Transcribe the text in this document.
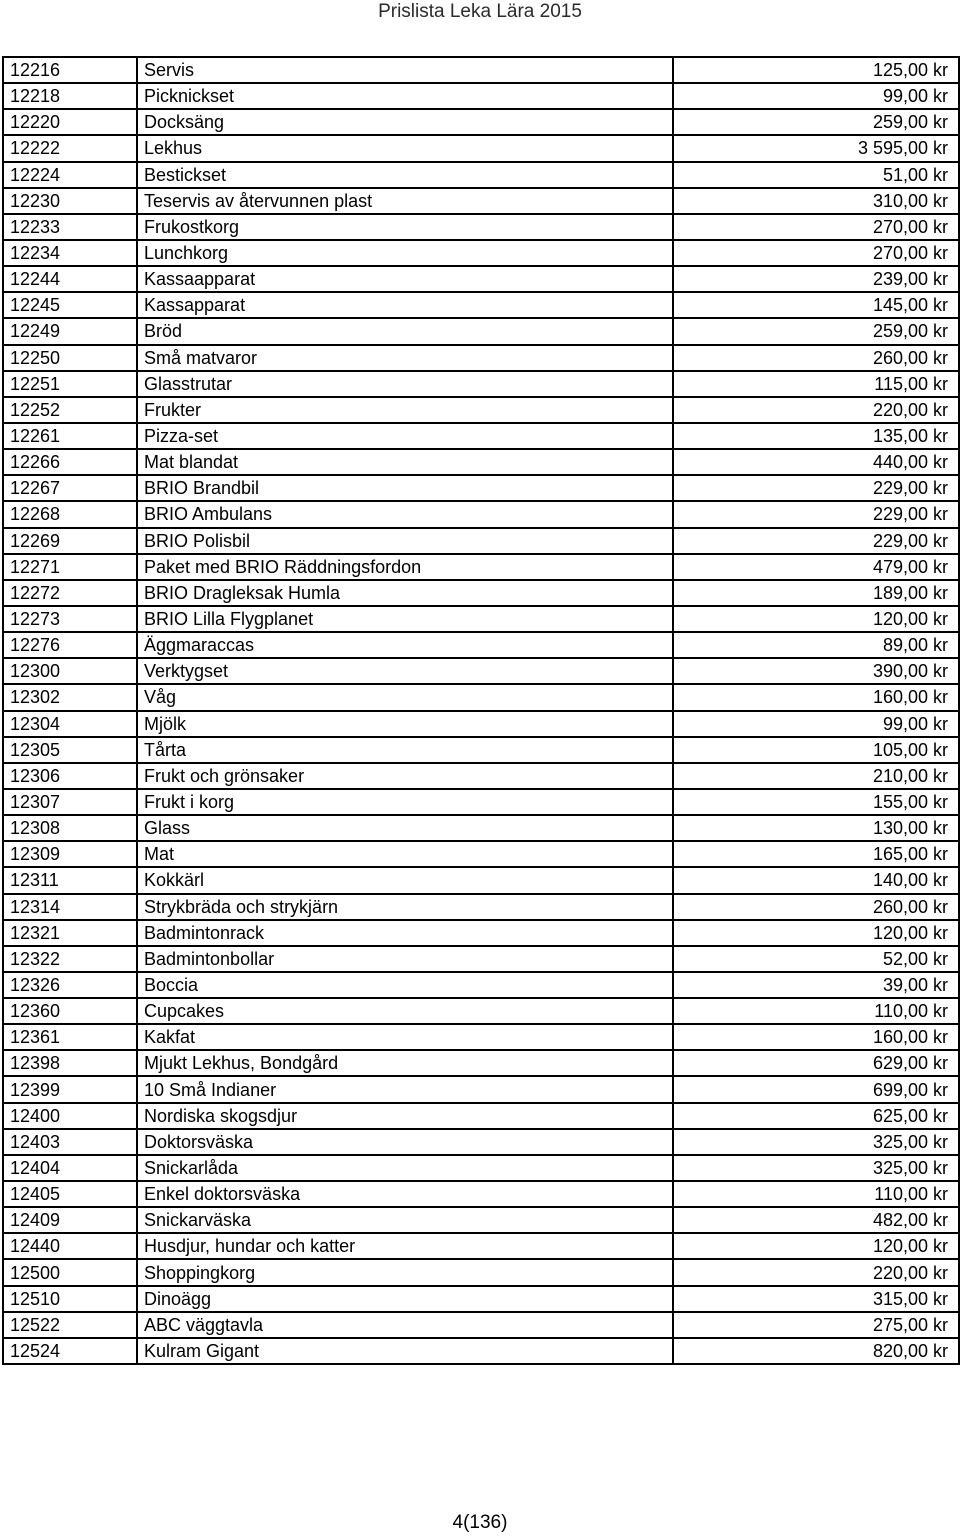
Prislista Leka Lära 2015
12216	Servis	125,00 kr
12218	Picknickset	99,00 kr
12220	Docksäng	259,00 kr
12222	Lekhus	3 595,00 kr
12224	Bestickset	51,00 kr
12230	Teservis av återvunnen plast	310,00 kr
12233	Frukostkorg	270,00 kr
12234	Lunchkorg	270,00 kr
12244	Kassaapparat	239,00 kr
12245	Kassapparat	145,00 kr
12249	Bröd	259,00 kr
12250	Små matvaror	260,00 kr
12251	Glasstrutar	115,00 kr
12252	Frukter	220,00 kr
12261	Pizza-set	135,00 kr
12266	Mat blandat	440,00 kr
12267	BRIO Brandbil	229,00 kr
12268	BRIO Ambulans	229,00 kr
12269	BRIO Polisbil	229,00 kr
12271	Paket med BRIO Räddningsfordon	479,00 kr
12272	BRIO Dragleksak Humla	189,00 kr
12273	BRIO Lilla Flygplanet	120,00 kr
12276	Äggmaraccas	89,00 kr
12300	Verktygset	390,00 kr
12302	Våg	160,00 kr
12304	Mjölk	99,00 kr
12305	Tårta	105,00 kr
12306	Frukt och grönsaker	210,00 kr
12307	Frukt i korg	155,00 kr
12308	Glass	130,00 kr
12309	Mat	165,00 kr
12311	Kokkärl	140,00 kr
12314	Strykbräda och strykjärn	260,00 kr
12321	Badmintonrack	120,00 kr
12322	Badmintonbollar	52,00 kr
12326	Boccia	39,00 kr
12360	Cupcakes	110,00 kr
12361	Kakfat	160,00 kr
12398	Mjukt Lekhus, Bondgård	629,00 kr
12399	10 Små Indianer	699,00 kr
12400	Nordiska skogsdjur	625,00 kr
12403	Doktorsväska	325,00 kr
12404	Snickarlåda	325,00 kr
12405	Enkel doktorsväska	110,00 kr
12409	Snickarväska	482,00 kr
12440	Husdjur, hundar och katter	120,00 kr
12500	Shoppingkorg	220,00 kr
12510	Dinoägg	315,00 kr
12522	ABC väggtavla	275,00 kr
12524	Kulram Gigant	820,00 kr
4(136)
